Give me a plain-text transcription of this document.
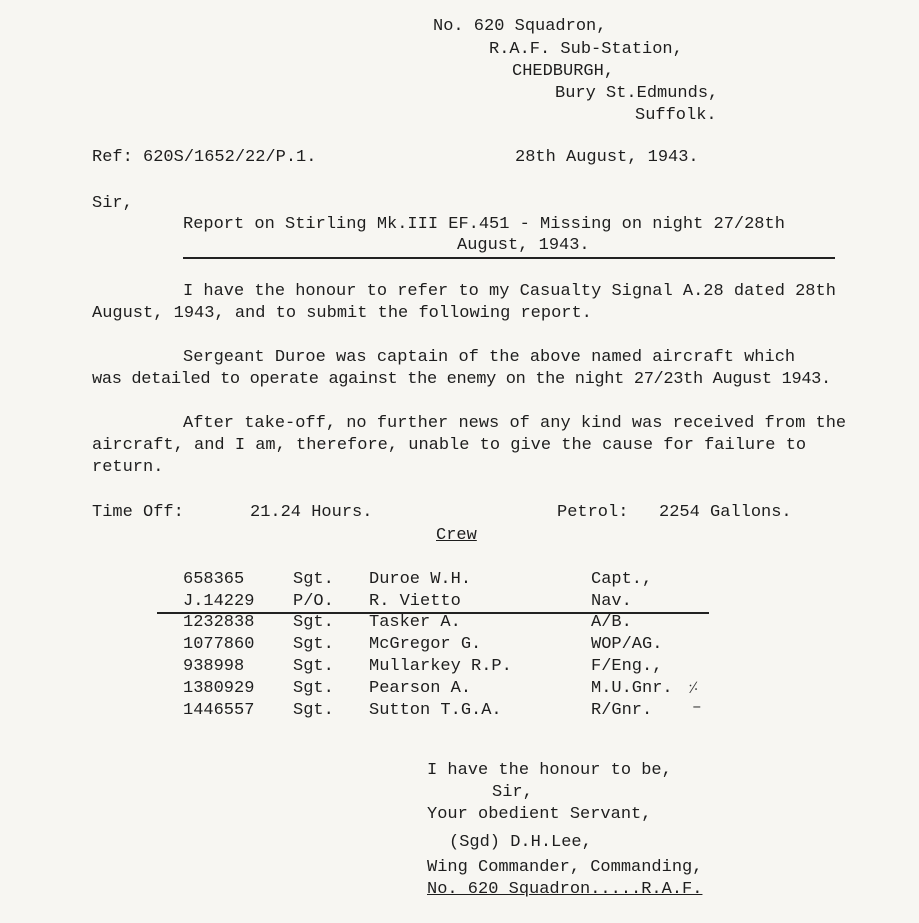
No. 620 Squadron,
R.A.F. Sub-Station,
CHEDBURGH,
Bury St.Edmunds,
Suffolk.
Ref: 620S/1652/22/P.1.	28th August, 1943.
Sir,
Report on Stirling Mk.III EF.451 - Missing on night 27/28th
August, 1943.
I have the honour to refer to my Casualty Signal A.28 dated 28th
August, 1943, and to submit the following report.
Sergeant Duroe was captain of the above named aircraft which
was detailed to operate against the enemy on the night 27/23th August 1943.
After take-off, no further news of any kind was received from the
aircraft, and I am, therefore, unable to give the cause for failure to
return.
Time Off:	21.24 Hours.	Petrol: 2254 Gallons.
Crew
658365	Sgt. Duroe W.H.	Capt.,
J.14229 P/O. R. Vietto	Nav.
1232838 Sgt. Tasker A.	A/B.
1077860 Sgt. McGregor G.	WOP/AG.
938998	Sgt. Mullarkey R.P.	F/Eng.,
1380929 Sgt. Pearson A.	M.U.Gnr. ⸓
1446557 Sgt. Sutton T.G.A.	R/Gnr. –
I have the honour to be,
Sir,
Your obedient Servant,
(Sgd) D.H.Lee,
Wing Commander, Commanding,
No. 620 Squadron.....R.A.F.
